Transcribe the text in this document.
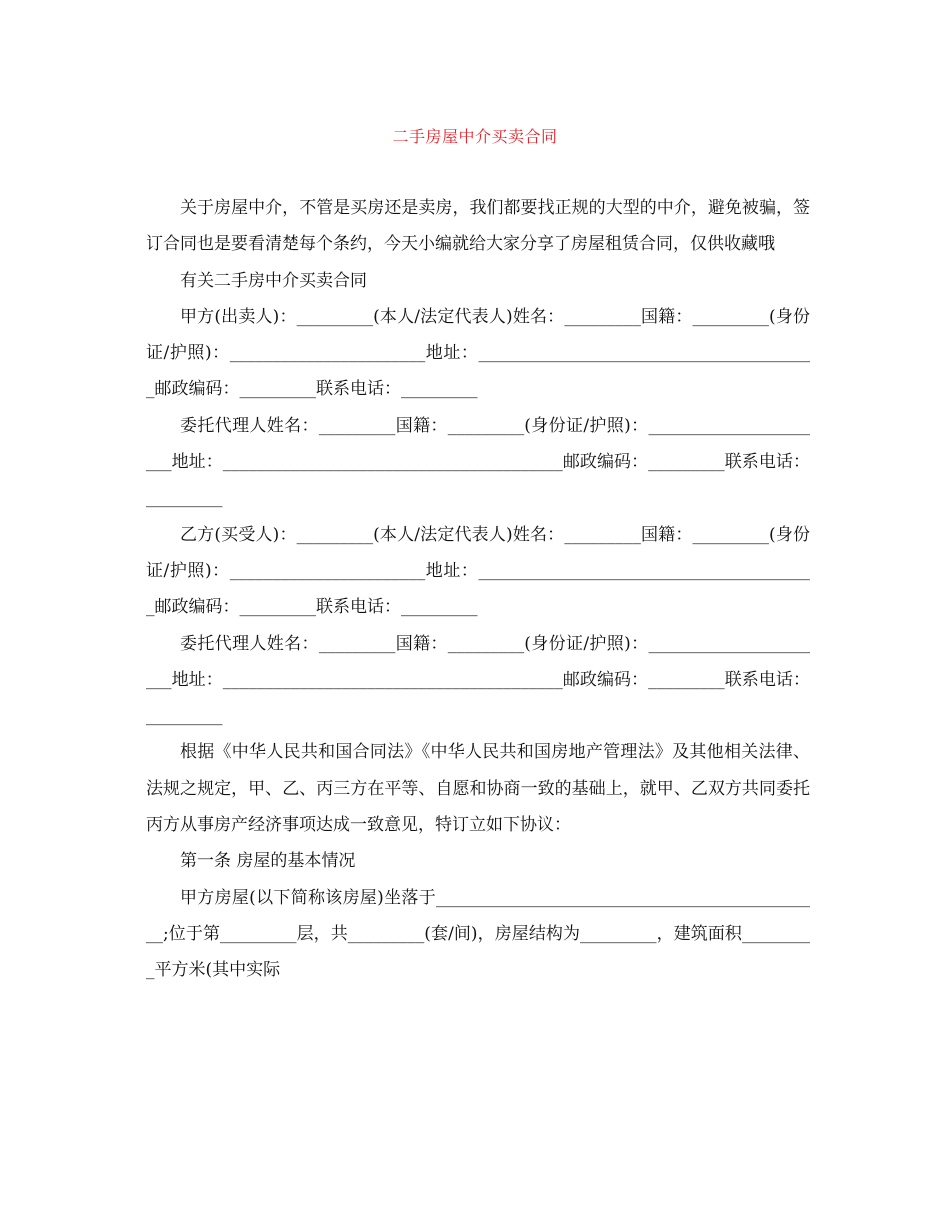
二手房屋中介买卖合同

关于房屋中介，不管是买房还是卖房，我们都要找正规的大型的中介，避免被骗，签订合同也是要看清楚每个条约，今天小编就给大家分享了房屋租赁合同，仅供收藏哦

有关二手房中介买卖合同

甲方(出卖人)：_________(本人/法定代表人)姓名：_________国籍：_________(身份证/护照)：_______________________地址：________________________________________邮政编码：_________联系电话：_________

委托代理人姓名：_________国籍：_________(身份证/护照)：______________________地址：________________________________________邮政编码：_________联系电话：_________

乙方(买受人)：_________(本人/法定代表人)姓名：_________国籍：_________(身份证/护照)：_______________________地址：________________________________________邮政编码：_________联系电话：_________

委托代理人姓名：_________国籍：_________(身份证/护照)：______________________地址：________________________________________邮政编码：_________联系电话：_________

根据《中华人民共和国合同法》《中华人民共和国房地产管理法》及其他相关法律、法规之规定，甲、乙、丙三方在平等、自愿和协商一致的基础上，就甲、乙双方共同委托丙方从事房产经济事项达成一致意见，特订立如下协议：

第一条 房屋的基本情况

甲方房屋(以下简称该房屋)坐落于______________________________________________;位于第_________层，共_________(套/间)，房屋结构为_________，建筑面积_________平方米(其中实际
